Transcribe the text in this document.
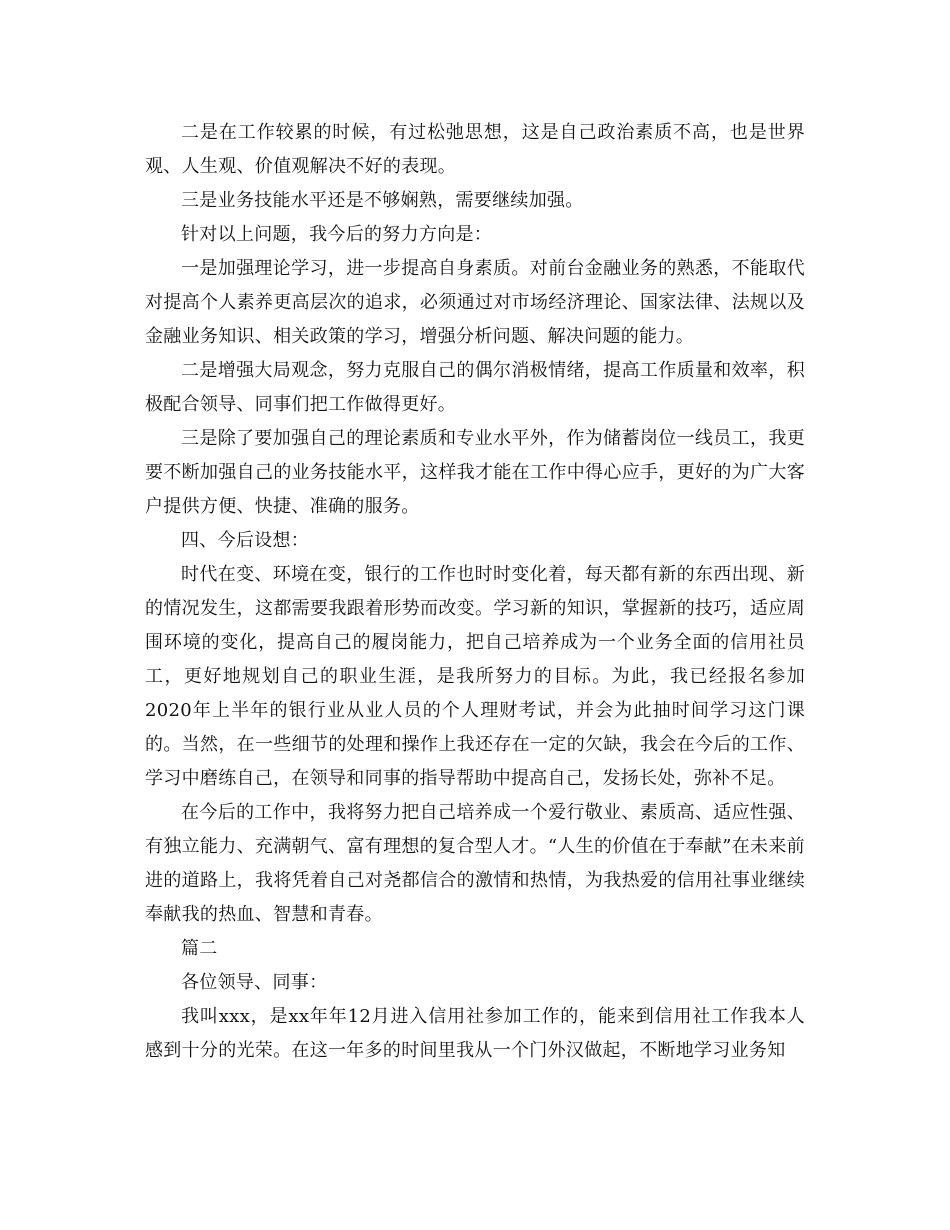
二是在工作较累的时候，有过松弛思想，这是自己政治素质不高，也是世界观、人生观、价值观解决不好的表现。

三是业务技能水平还是不够娴熟，需要继续加强。

针对以上问题，我今后的努力方向是：

一是加强理论学习，进一步提高自身素质。对前台金融业务的熟悉，不能取代对提高个人素养更高层次的追求，必须通过对市场经济理论、国家法律、法规以及金融业务知识、相关政策的学习，增强分析问题、解决问题的能力。

二是增强大局观念，努力克服自己的偶尔消极情绪，提高工作质量和效率，积极配合领导、同事们把工作做得更好。

三是除了要加强自己的理论素质和专业水平外，作为储蓄岗位一线员工，我更要不断加强自己的业务技能水平，这样我才能在工作中得心应手，更好的为广大客户提供方便、快捷、准确的服务。

四、今后设想：

时代在变、环境在变，银行的工作也时时变化着，每天都有新的东西出现、新的情况发生，这都需要我跟着形势而改变。学习新的知识，掌握新的技巧，适应周围环境的变化，提高自己的履岗能力，把自己培养成为一个业务全面的信用社员工，更好地规划自己的职业生涯，是我所努力的目标。为此，我已经报名参加2020年上半年的银行业从业人员的个人理财考试，并会为此抽时间学习这门课的。当然，在一些细节的处理和操作上我还存在一定的欠缺，我会在今后的工作、学习中磨练自己，在领导和同事的指导帮助中提高自己，发扬长处，弥补不足。

在今后的工作中，我将努力把自己培养成一个爱行敬业、素质高、适应性强、有独立能力、充满朝气、富有理想的复合型人才。“人生的价值在于奉献”在未来前进的道路上，我将凭着自己对尧都信合的激情和热情，为我热爱的信用社事业继续奉献我的热血、智慧和青春。

篇二

各位领导、同事：

我叫xxx，是xx年年12月进入信用社参加工作的，能来到信用社工作我本人感到十分的光荣。在这一年多的时间里我从一个门外汉做起，不断地学习业务知
